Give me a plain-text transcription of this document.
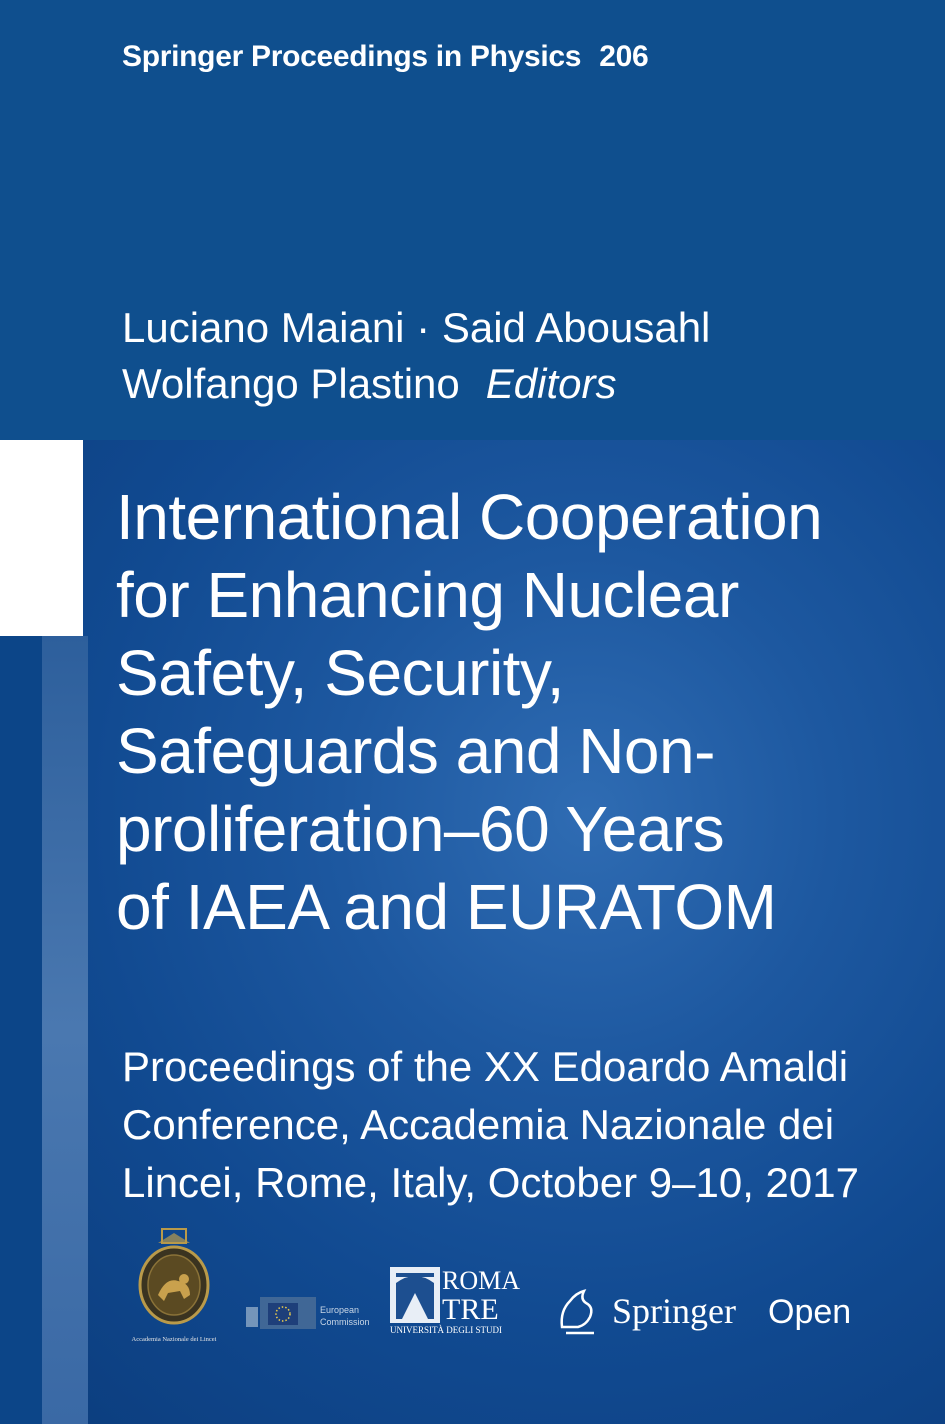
Springer Proceedings in Physics 206
Luciano Maiani · Said Abousahl
Wolfango Plastino Editors
International Cooperation
for Enhancing Nuclear
Safety, Security,
Safeguards and Non-
proliferation–60 Years
of IAEA and EURATOM
Proceedings of the XX Edoardo Amaldi
Conference, Accademia Nazionale dei
Lincei, Rome, Italy, October 9–10, 2017
Accademia Nazionale dei Lincei
European
Commission
ROMA
TRE
UNIVERSITÀ DEGLI STUDI	Springer Open
